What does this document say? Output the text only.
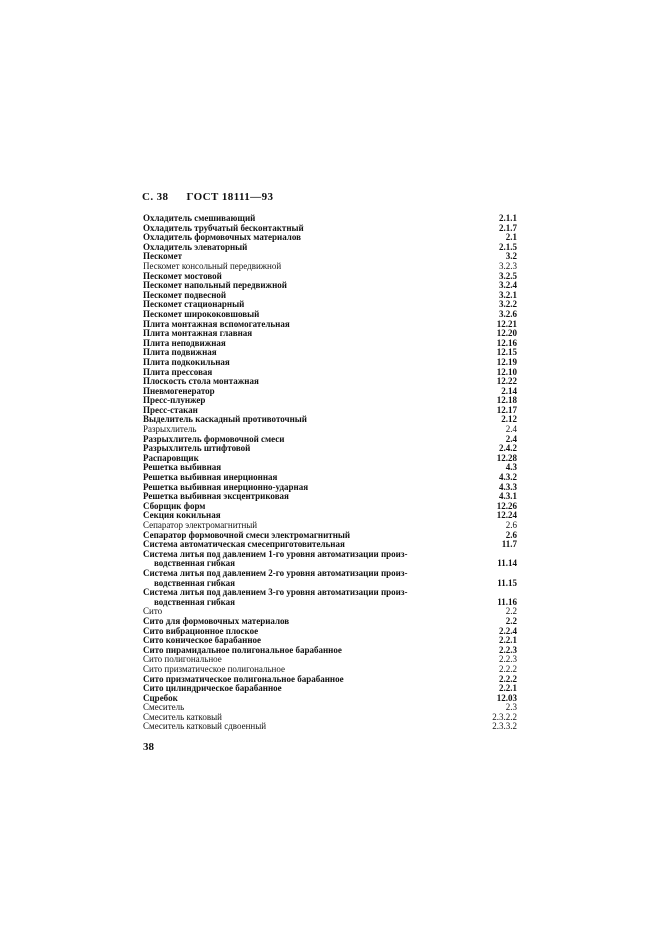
С. 38 ГОСТ 18111—93
Охладитель смешивающий	2.1.1
Охладитель трубчатый бесконтактный	2.1.7
Охладитель формовочных материалов	2.1
Охладитель элеваторный	2.1.5
Пескомет	3.2
Пескомет консольный передвижной	3.2.3
Пескомет мостовой	3.2.5
Пескомет напольный передвижной	3.2.4
Пескомет подвесной	3.2.1
Пескомет стационарный	3.2.2
Пескомет ширококовшовый	3.2.6
Плита монтажная вспомогательная	12.21
Плита монтажная главная	12.20
Плита неподвижная	12.16
Плита подвижная	12.15
Плита подкокильная	12.19
Плита прессовая	12.10
Плоскость стола монтажная	12.22
Пневмогенератор	2.14
Пресс-плунжер	12.18
Пресс-стакан	12.17
Выделитель каскадный противоточный	2.12
Разрыхлитель	2.4
Разрыхлитель формовочной смеси	2.4
Разрыхлитель штифтовой	2.4.2
Распаровщик	12.28
Решетка выбивная	4.3
Решетка выбивная инерционная	4.3.2
Решетка выбивная инерционно-ударная	4.3.3
Решетка выбивная эксцентриковая	4.3.1
Сборщик форм	12.26
Секция кокильная	12.24
Сепаратор электромагнитный	2.6
Сепаратор формовочной смеси электромагнитный	2.6
Система автоматическая смесеприготовительная	11.7
Система литья под давлением 1-го уровня автоматизации произ-
водственная гибкая	11.14
Система литья под давлением 2-го уровня автоматизации произ-
водственная гибкая	11.15
Система литья под давлением 3-го уровня автоматизации произ-
водственная гибкая	11.16
Сито	2.2
Сито для формовочных материалов	2.2
Сито вибрационное плоское	2.2.4
Сито коническое барабанное	2.2.1
Сито пирамидальное полигональное барабанное	2.2.3
Сито полигональное	2.2.3
Сито призматическое полигональное	2.2.2
Сито призматическое полигональное барабанное	2.2.2
Сито цилиндрическое барабанное	2.2.1
Сцребок	12.03
Смеситель	2.3
Смеситель катковый	2.3.2.2
Смеситель катковый сдвоенный	2.3.3.2
38
